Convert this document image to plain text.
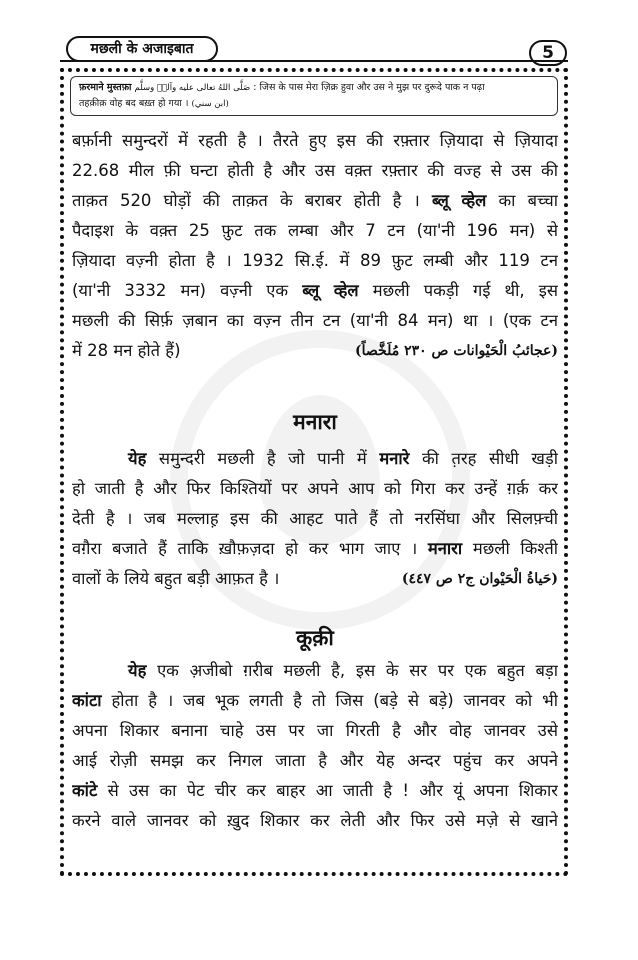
मछली के अजाइबात	5
फ़रमाने मुस्तफ़ा صَلَّى اللهُ تعالى عليه وآلهٖ وسلَّم : जिस के पास मेरा ज़िक्र हुवा और उस ने मुझ पर दुरूदे पाक न पढ़ा
तहक़ीक़ वोह बद बख़्त हो गया । (ابن سني)
बर्फ़ानी समुन्दरों में रहती है । तैरते हुए इस की रफ़्तार ज़ियादा से ज़ियादा
22.68 मील फ़ी घन्टा होती है और उस वक़्त रफ़्तार की वज्ह से उस की
ताक़त 520 घोड़ों की ताक़त के बराबर होती है । ब्लू व्हेल का बच्चा
पैदाइश के वक़्त 25 फ़ुट तक लम्बा और 7 टन (या'नी 196 मन) से
ज़ियादा वज़्नी होता है । 1932 सि.ई. में 89 फ़ुट लम्बी और 119 टन
(या'नी 3332 मन) वज़्नी एक ब्लू व्हेल मछली पकड़ी गई थी, इस
मछली की सिर्फ़ ज़बान का वज़्न तीन टन (या'नी 84 मन) था । (एक टन
में 28 मन होते हैं)	(عجائبُ الْحَيْوانات ص ٢٣٠ مُلَخَّصاً)
मनारा
येह समुन्दरी मछली है जो पानी में मनारे की त़रह सीधी खड़ी
हो जाती है और फिर किश्तियों पर अपने आप को गिरा कर उन्हें ग़र्क़ कर
देती है । जब मल्लाह़ इस की आहट पाते हैं तो नरसिंघा और सिलफ़्ची
वग़ैरा बजाते हैं ताकि ख़ौफ़ज़दा हो कर भाग जाए । मनारा मछली किश्ती
वालों के लिये बहुत बड़ी आफ़त है ।	(حَياةُ الْحَيْوان ج٢ ص ٤٤٧)
कूक़ी
येह एक अ़जीबो ग़रीब मछली है, इस के सर पर एक बहुत बड़ा
कांटा होता है । जब भूक लगती है तो जिस (बड़े से बड़े) जानवर को भी
अपना शिकार बनाना चाहे उस पर जा गिरती है और वोह जानवर उसे
आई रोज़ी समझ कर निगल जाता है और येह अन्दर पहुंच कर अपने
कांटे से उस का पेट चीर कर बाहर आ जाती है ! और यूं अपना शिकार
करने वाले जानवर को ख़ुद शिकार कर लेती और फिर उसे मज़े से खाने
